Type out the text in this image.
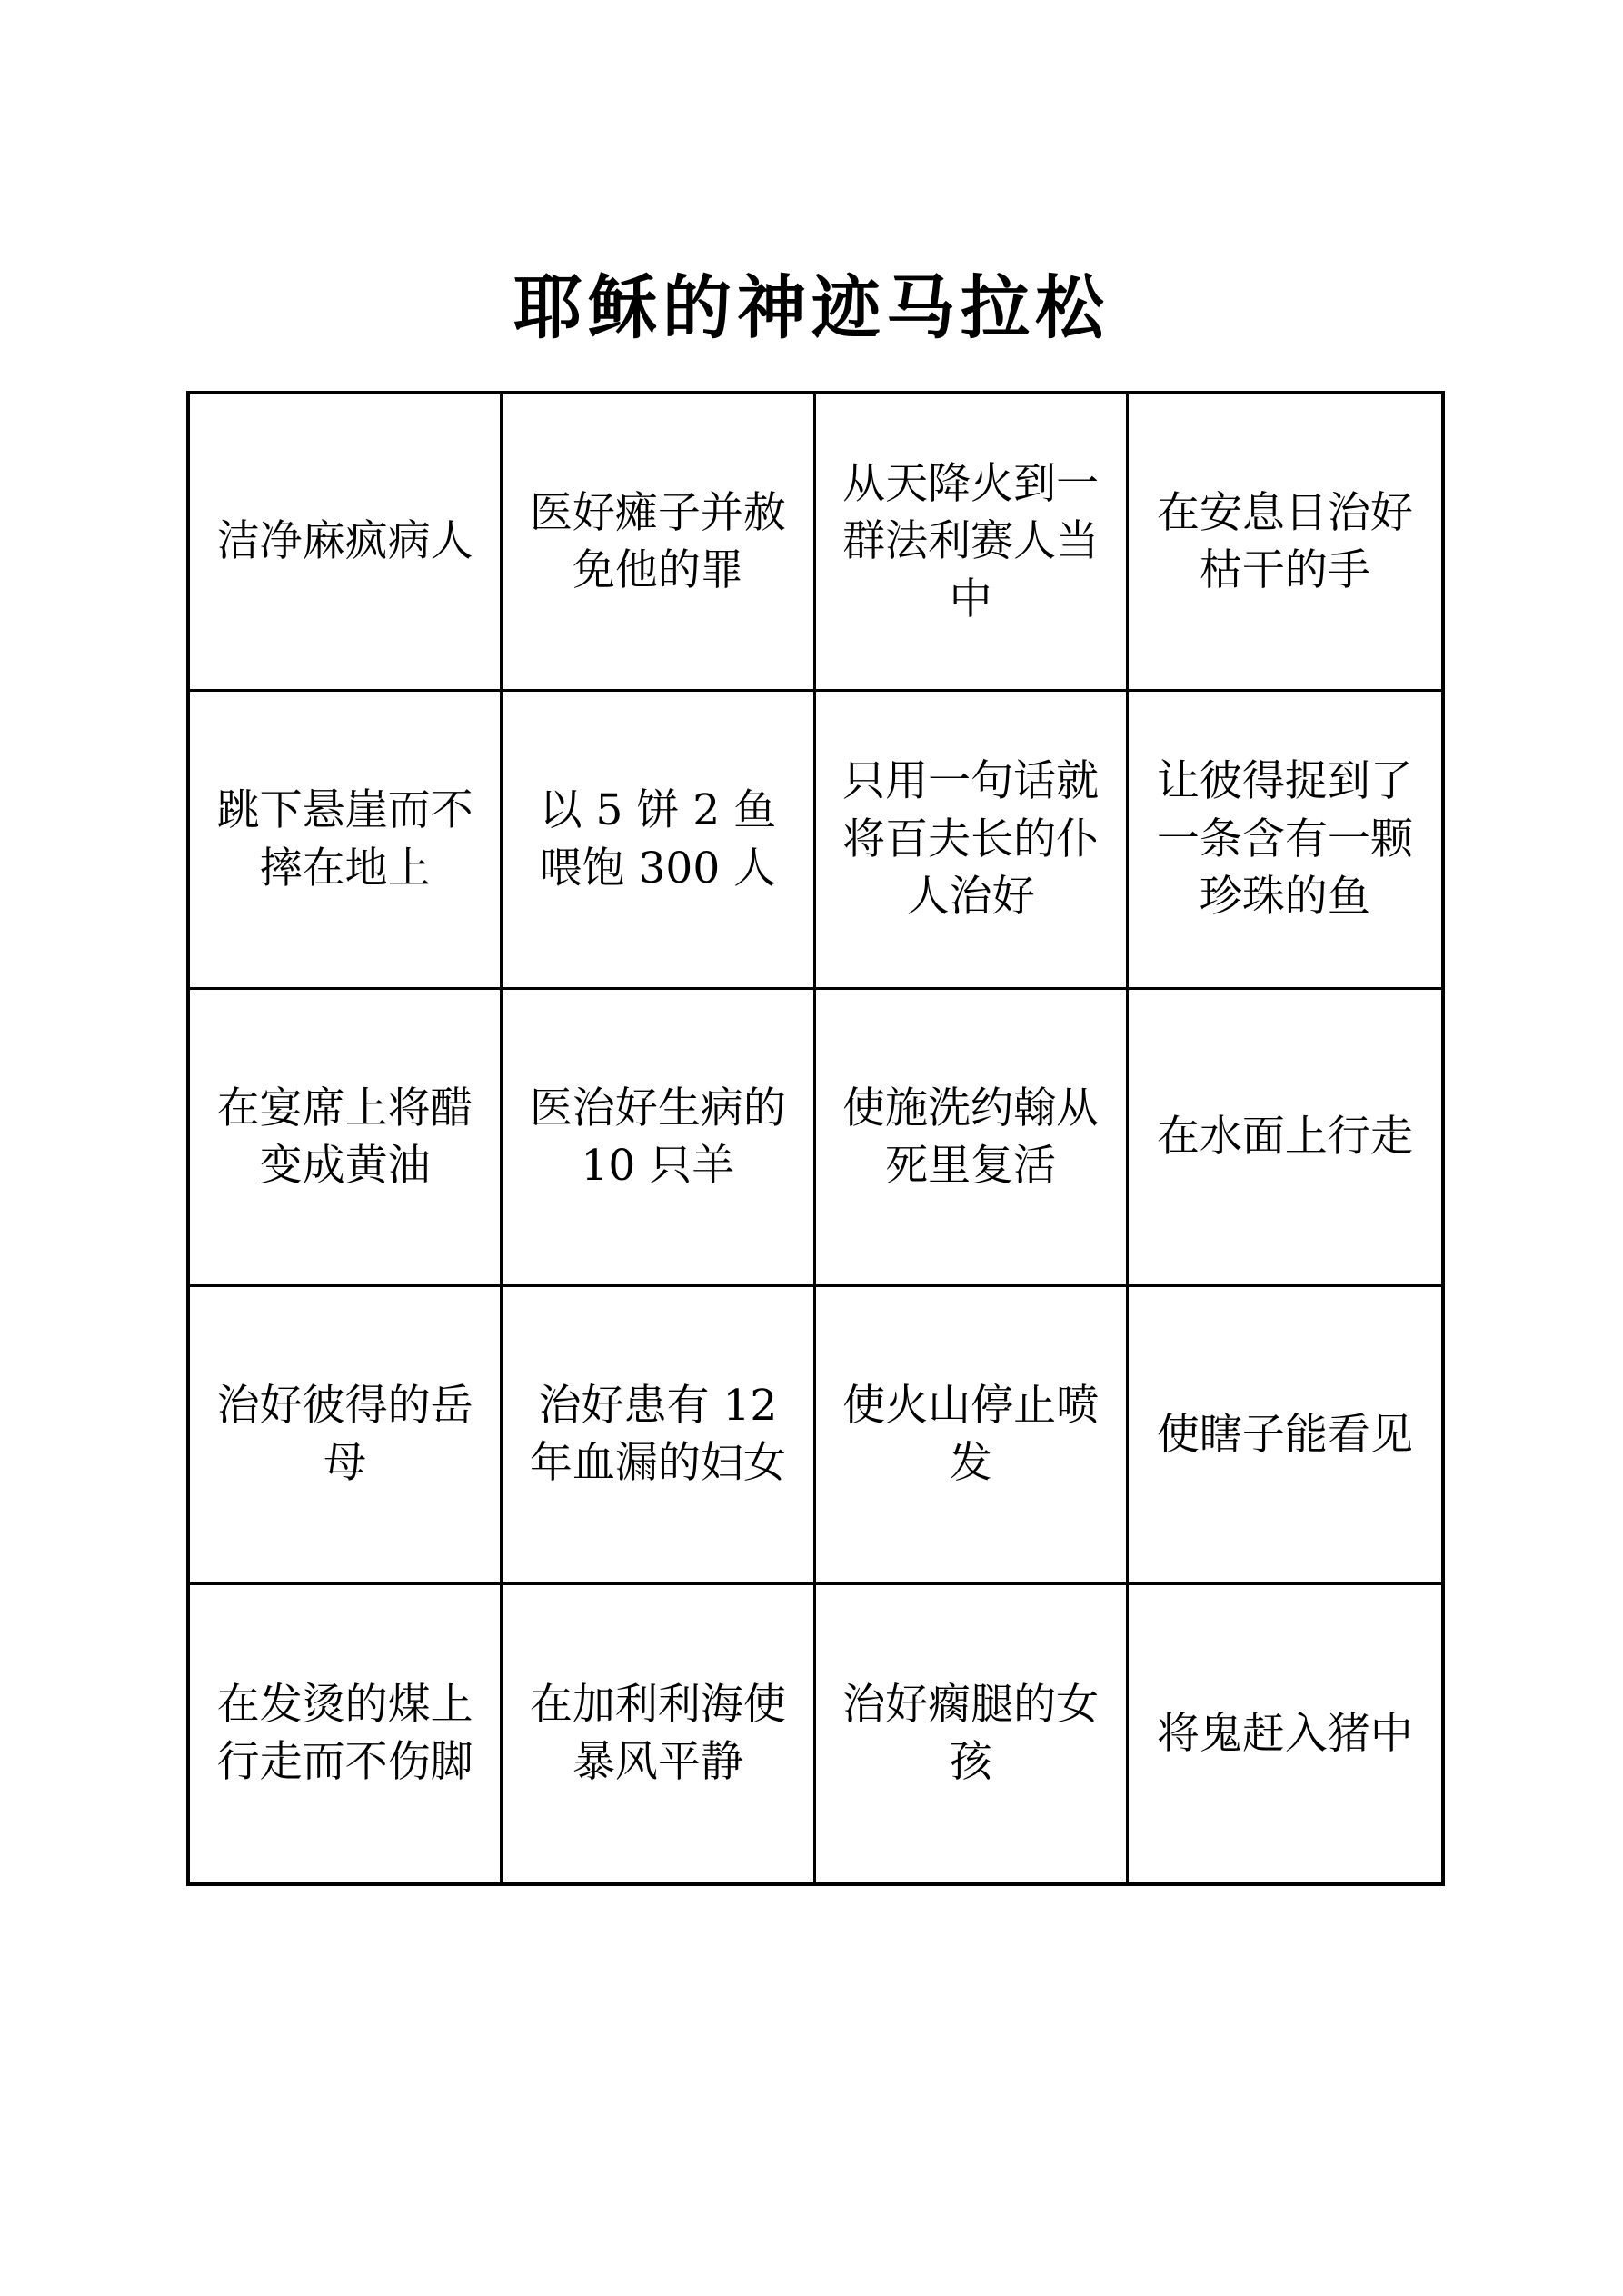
耶稣的神迹马拉松
洁净麻疯病人
医好瘫子并赦免他的罪
从天降火到一群法利赛人当中
在安息日治好枯干的手
跳下悬崖而不摔在地上
以 5 饼 2 鱼喂饱 300 人
只用一句话就将百夫长的仆人治好
让彼得捉到了一条含有一颗珍珠的鱼
在宴席上将醋变成黄油
医治好生病的 10 只羊
使施洗约翰从死里复活
在水面上行走
治好彼得的岳母
治好患有 12 年血漏的妇女
使火山停止喷发
使瞎子能看见
在发烫的煤上行走而不伤脚
在加利利海使暴风平静
治好瘸腿的女孩
将鬼赶入猪中
